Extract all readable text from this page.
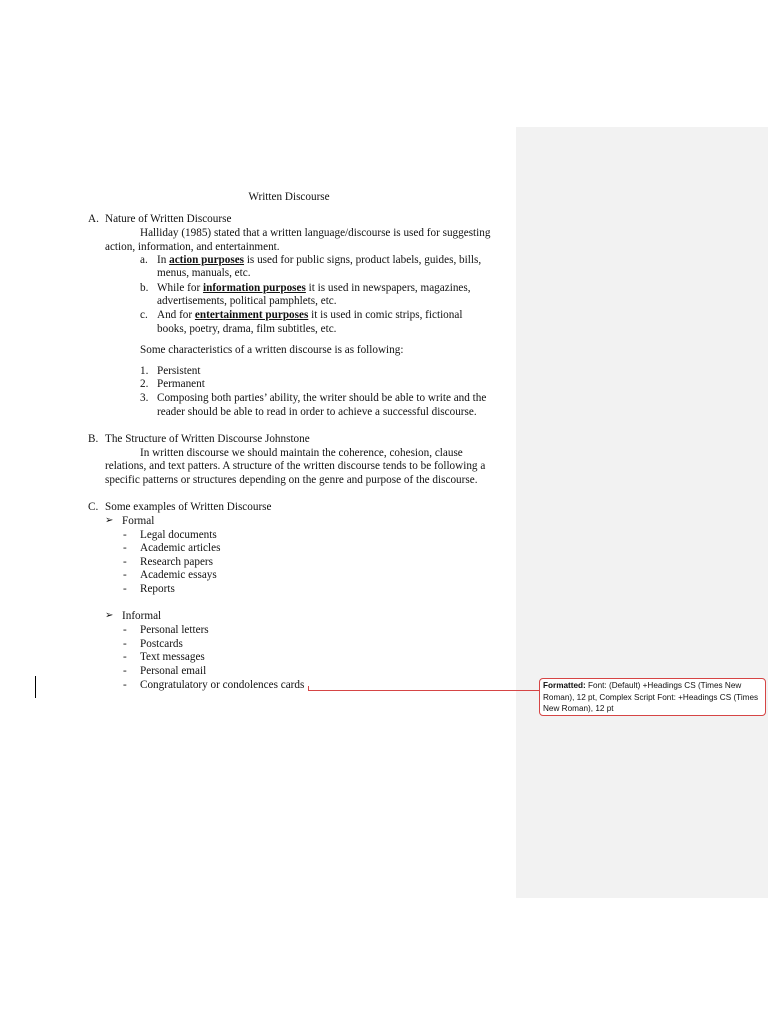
Written Discourse
A. Nature of Written Discourse
Halliday (1985) stated that a written language/discourse is used for suggesting
action, information, and entertainment.
a. In action purposes is used for public signs, product labels, guides, bills,
menus, manuals, etc.
b. While for information purposes it is used in newspapers, magazines,
advertisements, political pamphlets, etc.
c. And for entertainment purposes it is used in comic strips, fictional
books, poetry, drama, film subtitles, etc.
Some characteristics of a written discourse is as following:
1. Persistent
2. Permanent
3. Composing both parties’ ability, the writer should be able to write and the
reader should be able to read in order to achieve a successful discourse.
B. The Structure of Written Discourse Johnstone
In written discourse we should maintain the coherence, cohesion, clause
relations, and text patters. A structure of the written discourse tends to be following a
specific patterns or structures depending on the genre and purpose of the discourse.
C. Some examples of Written Discourse
➢ Formal
- Legal documents
- Academic articles
- Research papers
- Academic essays
- Reports
➢ Informal
- Personal letters
- Postcards
- Text messages
- Personal email
- Congratulatory or condolences cards	Formatted: Font: (Default) +Headings CS (Times New Roman), 12 pt, Complex Script Font: +Headings CS (Times New Roman), 12 pt
